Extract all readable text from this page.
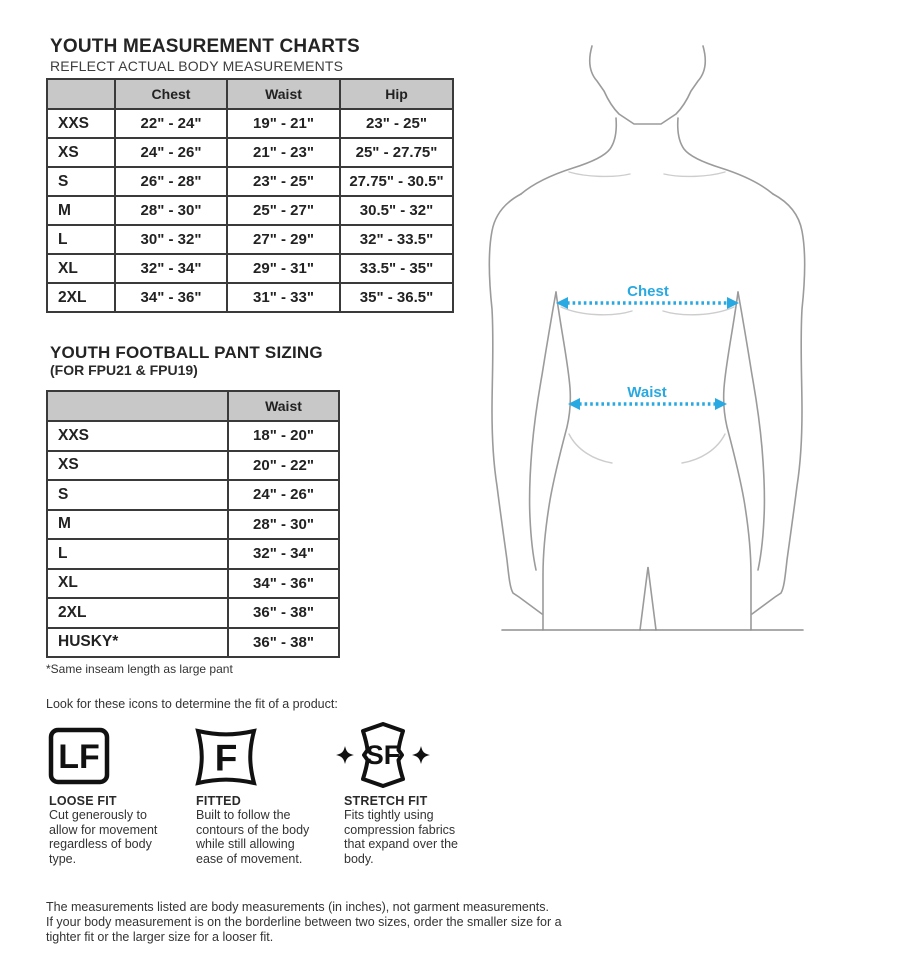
YOUTH MEASUREMENT CHARTS
REFLECT ACTUAL BODY MEASUREMENTS
	Chest	Waist	Hip
XXS	22" - 24"	19" - 21"	23" - 25"
XS	24" - 26"	21" - 23"	25" - 27.75"
S	26" - 28"	23" - 25"	27.75" - 30.5"
M	28" - 30"	25" - 27"	30.5" - 32"
L	30" - 32"	27" - 29"	32" - 33.5"
XL	32" - 34"	29" - 31"	33.5" - 35"
2XL	34" - 36"	31" - 33"	35" - 36.5"
YOUTH FOOTBALL PANT SIZING
(FOR FPU21 & FPU19)
	Waist
XXS	18" - 20"
XS	20" - 22"
S	24" - 26"
M	28" - 30"
L	32" - 34"
XL	34" - 36"
2XL	36" - 38"
HUSKY*	36" - 38"
*Same inseam length as large pant
Look for these icons to determine the fit of a product:
LF	F	SF
LOOSE FIT	FITTED	STRETCH FIT
Cut generously to
allow for movement
regardless of body
type.
Built to follow the
contours of the body
while still allowing
ease of movement.
Fits tightly using
compression fabrics
that expand over the
body.
The measurements listed are body measurements (in inches), not garment measurements.
If your body measurement is on the borderline between two sizes, order the smaller size for a
tighter fit or the larger size for a looser fit.
Chest
Waist
